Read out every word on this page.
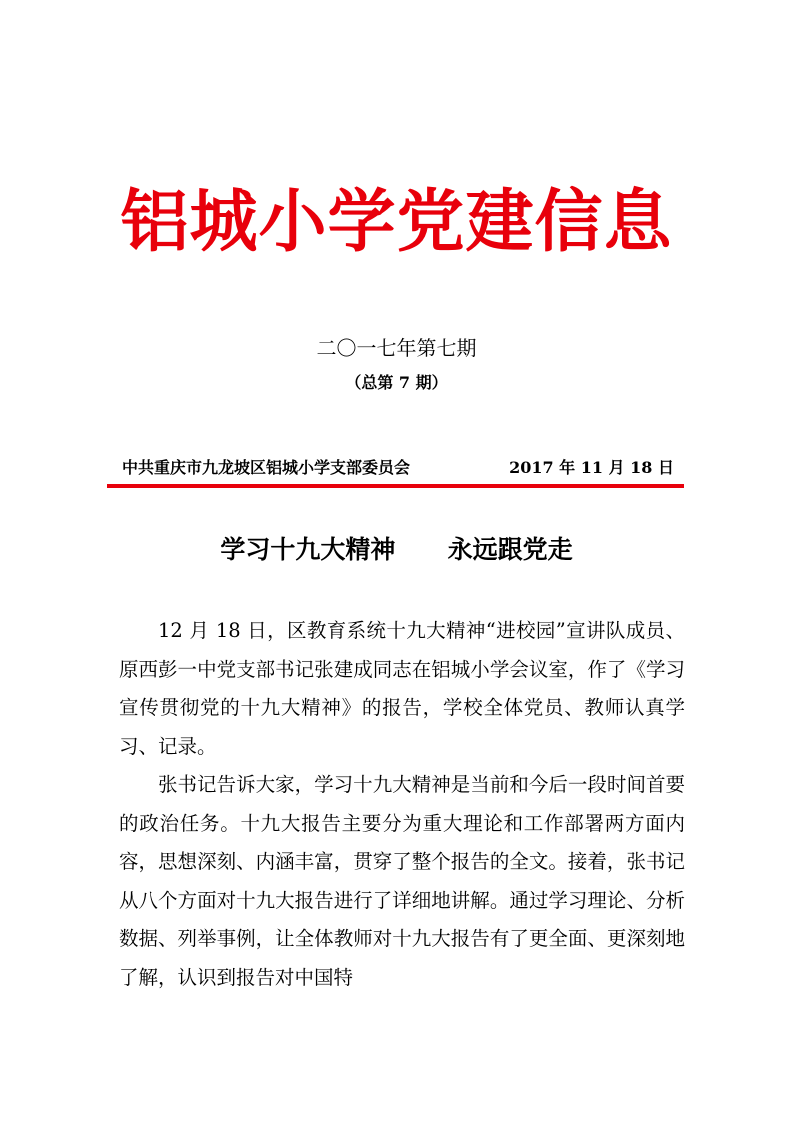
铝城小学党建信息
二〇一七年第七期
（总第 7 期）
中共重庆市九龙坡区铝城小学支部委员会	2017 年 11 月 18 日
学习十九大精神      永远跟党走

12 月 18 日，区教育系统十九大精神“进校园”宣讲队成员、原西彭一中党支部书记张建成同志在铝城小学会议室，作了《学习宣传贯彻党的十九大精神》的报告，学校全体党员、教师认真学习、记录。

张书记告诉大家，学习十九大精神是当前和今后一段时间首要的政治任务。十九大报告主要分为重大理论和工作部署两方面内容，思想深刻、内涵丰富，贯穿了整个报告的全文。接着，张书记从八个方面对十九大报告进行了详细地讲解。通过学习理论、分析数据、列举事例，让全体教师对十九大报告有了更全面、更深刻地了解，认识到报告对中国特
